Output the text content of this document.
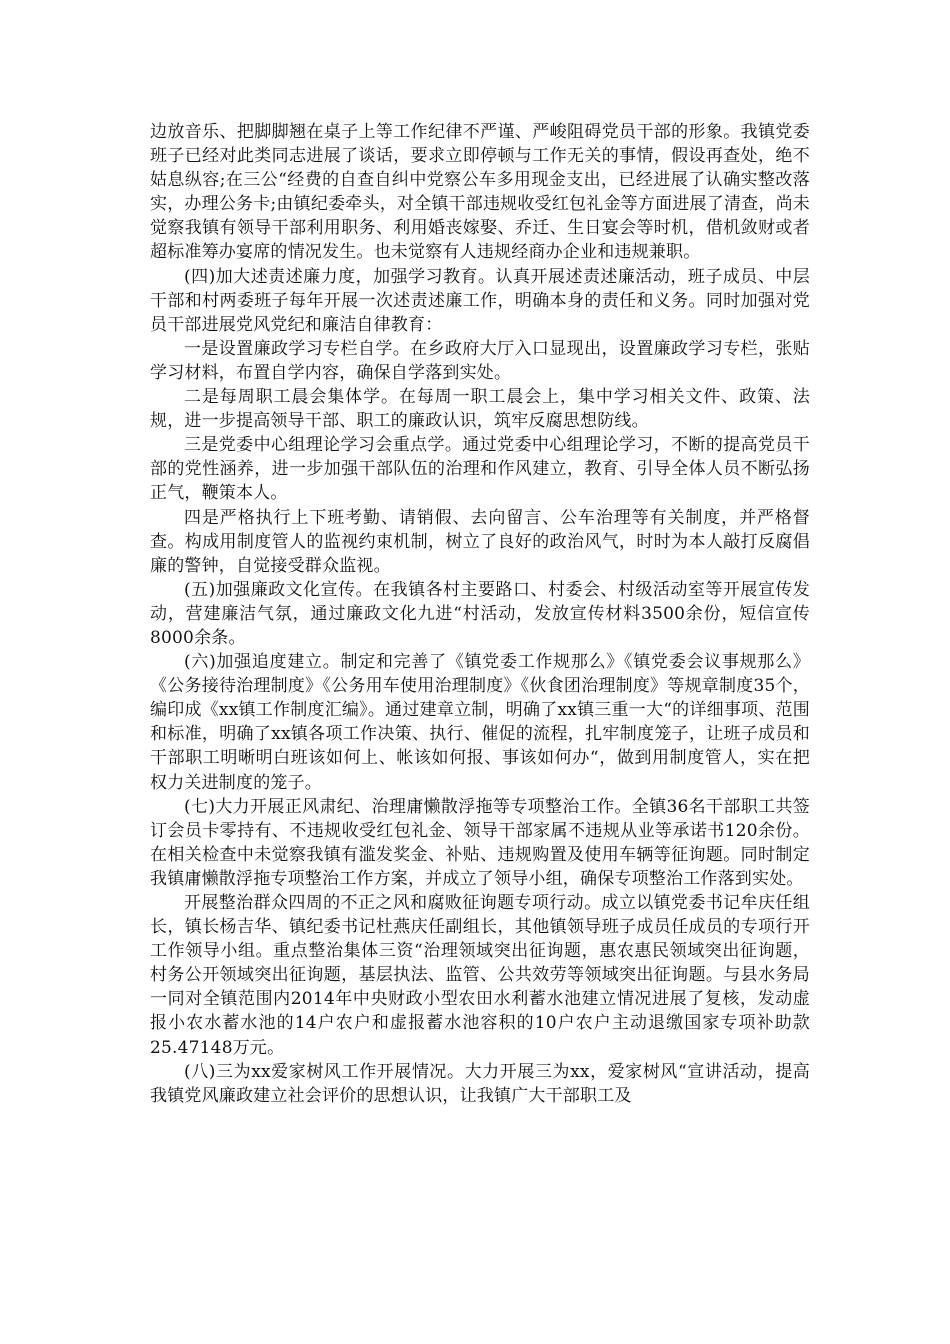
边放音乐、把脚脚翘在桌子上等工作纪律不严谨、严峻阻碍党员干部的形象。我镇党委班子已经对此类同志进展了谈话，要求立即停顿与工作无关的事情，假设再查处，绝不姑息纵容;在三公“经费的自查自纠中党察公车多用现金支出，已经进展了认确实整改落实，办理公务卡;由镇纪委牵头，对全镇干部违规收受红包礼金等方面进展了清查，尚未觉察我镇有领导干部利用职务、利用婚丧嫁娶、乔迁、生日宴会等时机，借机敛财或者超标准筹办宴席的情况发生。也未觉察有人违规经商办企业和违规兼职。

(四)加大述责述廉力度，加强学习教育。认真开展述责述廉活动，班子成员、中层干部和村两委班子每年开展一次述责述廉工作，明确本身的责任和义务。同时加强对党员干部进展党风党纪和廉洁自律教育：

一是设置廉政学习专栏自学。在乡政府大厅入口显现出，设置廉政学习专栏，张贴学习材料，布置自学内容，确保自学落到实处。

二是每周职工晨会集体学。在每周一职工晨会上，集中学习相关文件、政策、法规，进一步提高领导干部、职工的廉政认识，筑牢反腐思想防线。

三是党委中心组理论学习会重点学。通过党委中心组理论学习，不断的提高党员干部的党性涵养，进一步加强干部队伍的治理和作风建立，教育、引导全体人员不断弘扬正气，鞭策本人。

四是严格执行上下班考勤、请销假、去向留言、公车治理等有关制度，并严格督查。构成用制度管人的监视约束机制，树立了良好的政治风气，时时为本人敲打反腐倡廉的警钟，自觉接受群众监视。

(五)加强廉政文化宣传。在我镇各村主要路口、村委会、村级活动室等开展宣传发动，营建廉洁气氛，通过廉政文化九进“村活动，发放宣传材料3500余份，短信宣传8000余条。

(六)加强追度建立。制定和完善了《镇党委工作规那么》《镇党委会议事规那么》《公务接待治理制度》《公务用车使用治理制度》《伙食团治理制度》等规章制度35个，编印成《xx镇工作制度汇编》。通过建章立制，明确了xx镇三重一大“的详细事项、范围和标准，明确了xx镇各项工作决策、执行、催促的流程，扎牢制度笼子，让班子成员和干部职工明晰明白班该如何上、帐该如何报、事该如何办“，做到用制度管人，实在把权力关进制度的笼子。

(七)大力开展正风肃纪、治理庸懒散浮拖等专项整治工作。全镇36名干部职工共签订会员卡零持有、不违规收受红包礼金、领导干部家属不违规从业等承诺书120余份。在相关检查中未觉察我镇有滥发奖金、补贴、违规购置及使用车辆等征询题。同时制定我镇庸懒散浮拖专项整治工作方案，并成立了领导小组，确保专项整治工作落到实处。

开展整治群众四周的不正之风和腐败征询题专项行动。成立以镇党委书记牟庆任组长，镇长杨吉华、镇纪委书记杜燕庆任副组长，其他镇领导班子成员任成员的专项行开工作领导小组。重点整治集体三资“治理领域突出征询题，惠农惠民领域突出征询题，村务公开领域突出征询题，基层执法、监管、公共效劳等领域突出征询题。与县水务局一同对全镇范围内2014年中央财政小型农田水利蓄水池建立情况进展了复核，发动虚报小农水蓄水池的14户农户和虚报蓄水池容积的10户农户主动退缴国家专项补助款25.47148万元。

(八)三为xx爱家树风工作开展情况。大力开展三为xx，爱家树风“宣讲活动，提高我镇党风廉政建立社会评价的思想认识，让我镇广大干部职工及
